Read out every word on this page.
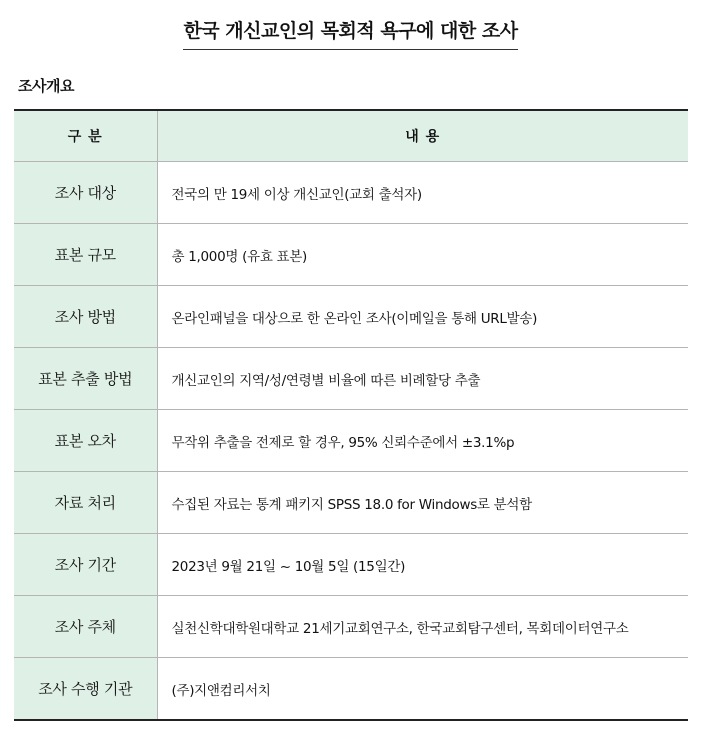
한국 개신교인의 목회적 욕구에 대한 조사
조사개요
구 분	내 용
조사 대상	전국의 만 19세 이상 개신교인(교회 출석자)
표본 규모	총 1,000명 (유효 표본)
조사 방법	온라인패널을 대상으로 한 온라인 조사(이메일을 통해 URL발송)
표본 추출 방법	개신교인의 지역/성/연령별 비율에 따른 비례할당 추출
표본 오차	무작위 추출을 전제로 할 경우, 95% 신뢰수준에서 ±3.1%p
자료 처리	수집된 자료는 통계 패키지 SPSS 18.0 for Windows로 분석함
조사 기간	2023년 9월 21일 ~ 10월 5일 (15일간)
조사 주체	실천신학대학원대학교 21세기교회연구소, 한국교회탐구센터, 목회데이터연구소
조사 수행 기관	(주)지앤컴리서치
